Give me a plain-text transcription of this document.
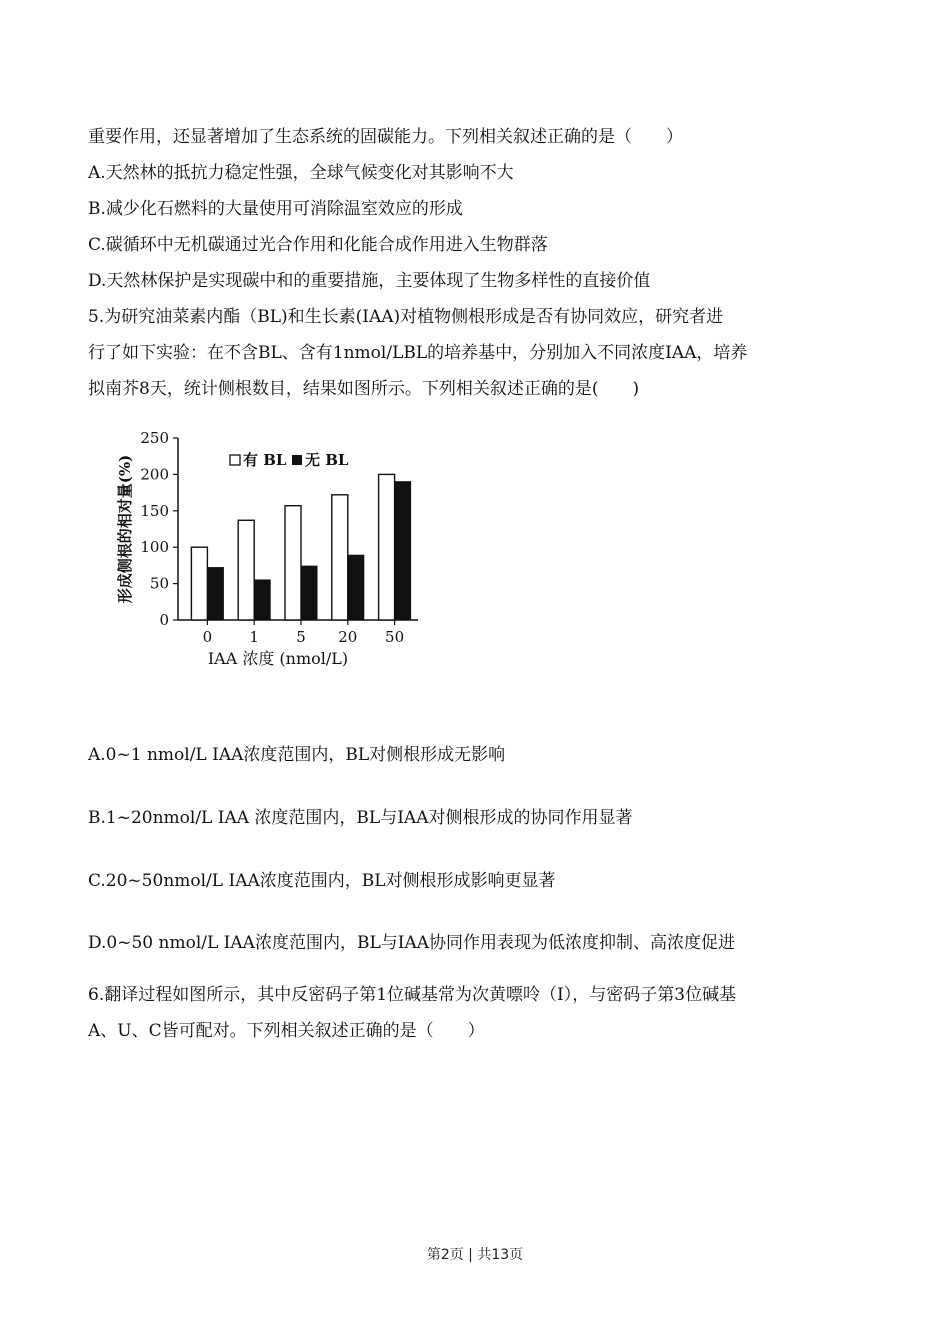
重要作用，还显著增加了生态系统的固碳能力。下列相关叙述正确的是（　　）
A.天然林的抵抗力稳定性强，全球气候变化对其影响不大
B.减少化石燃料的大量使用可消除温室效应的形成
C.碳循环中无机碳通过光合作用和化能合成作用进入生物群落
D.天然林保护是实现碳中和的重要措施，主要体现了生物多样性的直接价值
5.为研究油菜素内酯（BL)和生长素(IAA)对植物侧根形成是否有协同效应，研究者进
行了如下实验：在不含BL、含有1nmol/LBL的培养基中，分别加入不同浓度IAA，培养
拟南芥8天，统计侧根数目，结果如图所示。下列相关叙述正确的是(　　)
0
50
100
150
200
250
形成侧根的相对量(%)
0 1 5 20 50
IAA 浓度 (nmol/L)
有 BL 无 BL
A.0~1 nmol/L IAA浓度范围内，BL对侧根形成无影响
B.1~20nmol/L IAA 浓度范围内，BL与IAA对侧根形成的协同作用显著
C.20~50nmol/L IAA浓度范围内，BL对侧根形成影响更显著
D.0~50 nmol/L IAA浓度范围内，BL与IAA协同作用表现为低浓度抑制、高浓度促进
6.翻译过程如图所示，其中反密码子第1位碱基常为次黄嘌呤（I），与密码子第3位碱基
A、U、C皆可配对。下列相关叙述正确的是（　　）
第2页 | 共13页
